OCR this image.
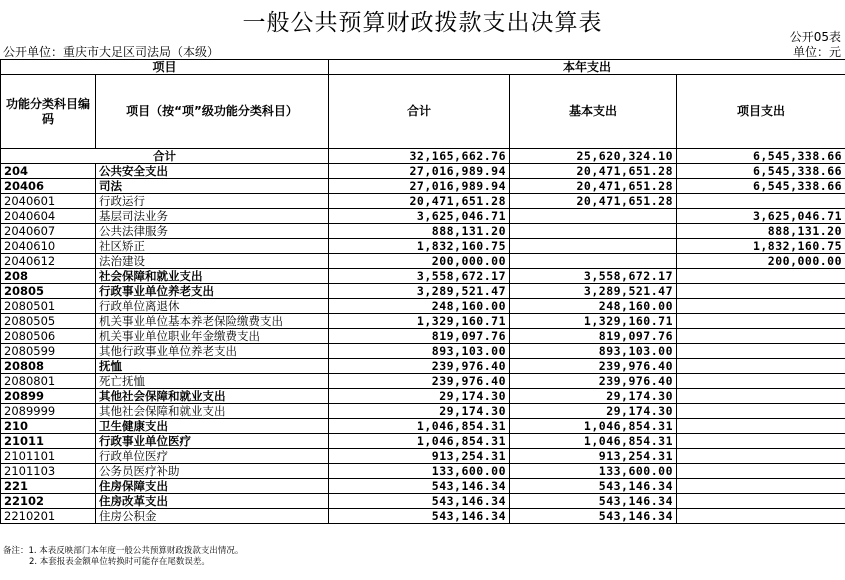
一般公共预算财政拨款支出决算表
公开05表
公开单位：重庆市大足区司法局（本级）	单位：元
项目		本年支出		
功能分类科目编码	项目（按“项”级功能分类科目）	合计	基本支出	项目支出
合计		32,165,662.76	25,620,324.10	6,545,338.66
204	公共安全支出	27,016,989.94	20,471,651.28	6,545,338.66
20406	司法	27,016,989.94	20,471,651.28	6,545,338.66
2040601	行政运行	20,471,651.28	20,471,651.28	
2040604	基层司法业务	3,625,046.71		3,625,046.71
2040607	公共法律服务	888,131.20		888,131.20
2040610	社区矫正	1,832,160.75		1,832,160.75
2040612	法治建设	200,000.00		200,000.00
208	社会保障和就业支出	3,558,672.17	3,558,672.17	
20805	行政事业单位养老支出	3,289,521.47	3,289,521.47	
2080501	行政单位离退休	248,160.00	248,160.00	
2080505	机关事业单位基本养老保险缴费支出	1,329,160.71	1,329,160.71	
2080506	机关事业单位职业年金缴费支出	819,097.76	819,097.76	
2080599	其他行政事业单位养老支出	893,103.00	893,103.00	
20808	抚恤	239,976.40	239,976.40	
2080801	死亡抚恤	239,976.40	239,976.40	
20899	其他社会保障和就业支出	29,174.30	29,174.30	
2089999	其他社会保障和就业支出	29,174.30	29,174.30	
210	卫生健康支出	1,046,854.31	1,046,854.31	
21011	行政事业单位医疗	1,046,854.31	1,046,854.31	
2101101	行政单位医疗	913,254.31	913,254.31	
2101103	公务员医疗补助	133,600.00	133,600.00	
221	住房保障支出	543,146.34	543,146.34	
22102	住房改革支出	543,146.34	543,146.34	
2210201	住房公积金	543,146.34	543,146.34	
备注：1. 本表反映部门本年度一般公共预算财政拨款支出情况。
2. 本套报表金额单位转换时可能存在尾数误差。
